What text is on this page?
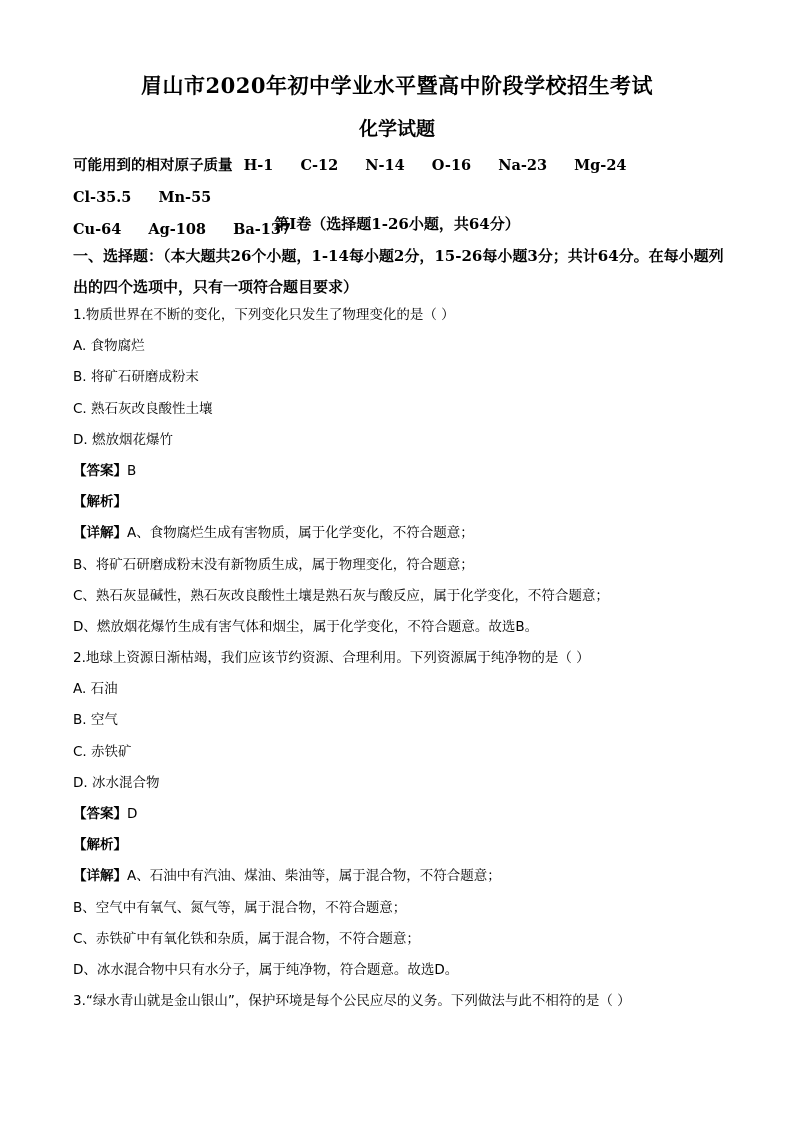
眉山市2020年初中学业水平暨高中阶段学校招生考试
化学试题
可能用到的相对原子质量 H-1 C-12 N-14 O-16 Na-23 Mg-24 Cl-35.5 Mn-55
Cu-64 Ag-108 Ba-137
第Ⅰ卷（选择题1-26小题，共64分）
一、选择题：（本大题共26个小题，1-14每小题2分，15-26每小题3分；共计64分。在每小题列出的四个选项中，只有一项符合题目要求）
1.物质世界在不断的变化，下列变化只发生了物理变化的是（ ）
A. 食物腐烂
B. 将矿石研磨成粉末
C. 熟石灰改良酸性土壤
D. 燃放烟花爆竹
【答案】B
【解析】
【详解】A、食物腐烂生成有害物质，属于化学变化，不符合题意；
B、将矿石研磨成粉末没有新物质生成，属于物理变化，符合题意；
C、熟石灰显碱性，熟石灰改良酸性土壤是熟石灰与酸反应，属于化学变化，不符合题意；
D、燃放烟花爆竹生成有害气体和烟尘，属于化学变化，不符合题意。故选B。
2.地球上资源日渐枯竭，我们应该节约资源、合理利用。下列资源属于纯净物的是（ ）
A. 石油
B. 空气
C. 赤铁矿
D. 冰水混合物
【答案】D
【解析】
【详解】A、石油中有汽油、煤油、柴油等，属于混合物，不符合题意；
B、空气中有氧气、氮气等，属于混合物，不符合题意；
C、赤铁矿中有氧化铁和杂质，属于混合物，不符合题意；
D、冰水混合物中只有水分子，属于纯净物，符合题意。故选D。
3.“绿水青山就是金山银山”，保护环境是每个公民应尽的义务。下列做法与此不相符的是（ ）
